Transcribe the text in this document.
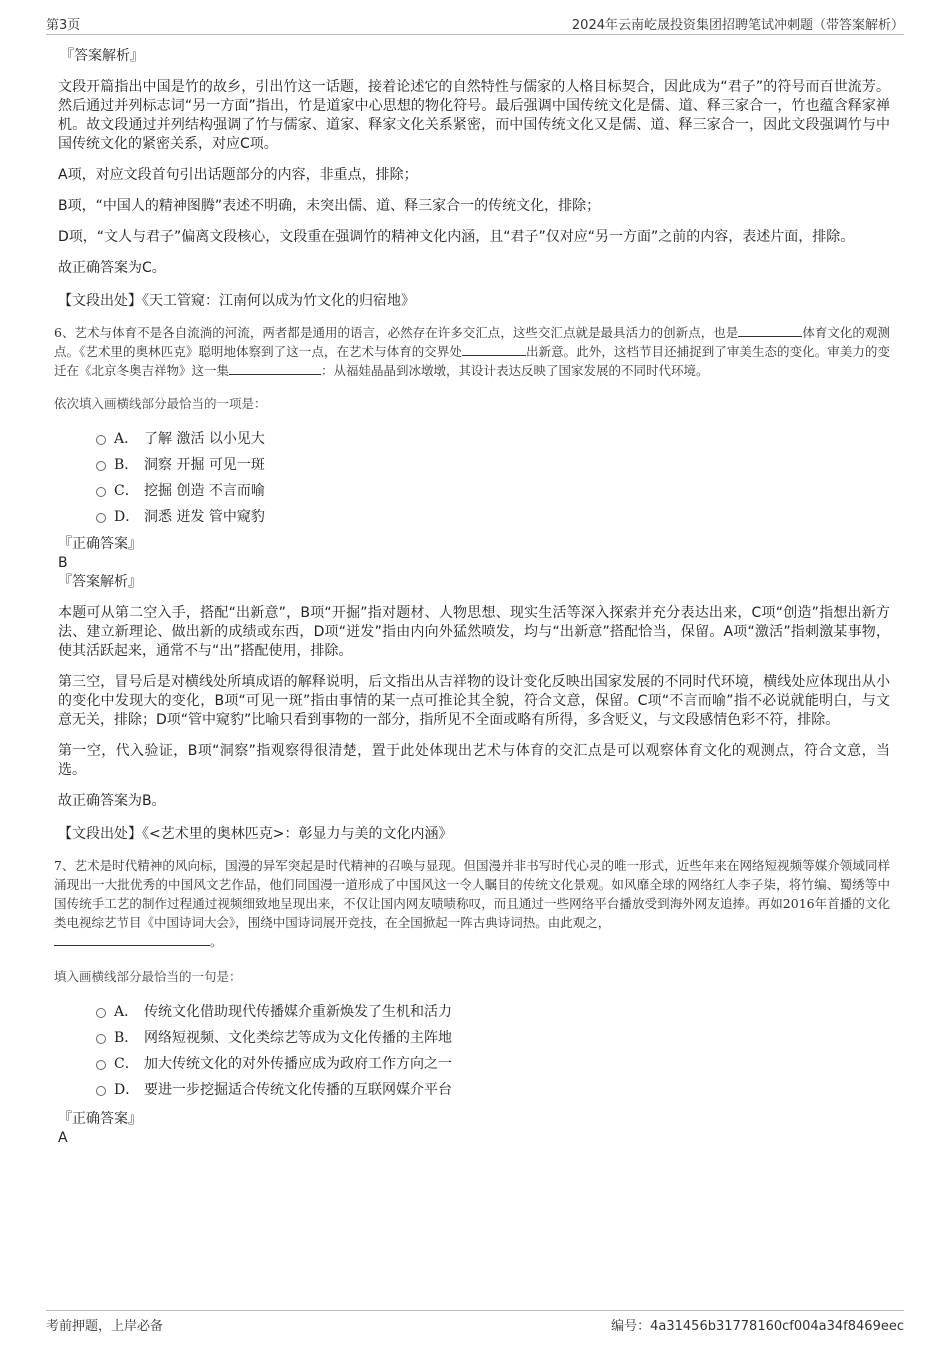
第3页	2024年云南屹晟投资集团招聘笔试冲刺题（带答案解析）
『答案解析』

文段开篇指出中国是竹的故乡，引出竹这一话题，接着论述它的自然特性与儒家的人格目标契合，因此成为“君子”的符号而百世流芳。然后通过并列标志词“另一方面”指出，竹是道家中心思想的物化符号。最后强调中国传统文化是儒、道、释三家合一，竹也蕴含释家禅机。故文段通过并列结构强调了竹与儒家、道家、释家文化关系紧密，而中国传统文化又是儒、道、释三家合一，因此文段强调竹与中国传统文化的紧密关系，对应C项。

A项，对应文段首句引出话题部分的内容，非重点，排除；

B项，“中国人的精神图腾”表述不明确，未突出儒、道、释三家合一的传统文化，排除；

D项，“文人与君子”偏离文段核心，文段重在强调竹的精神文化内涵，且“君子”仅对应“另一方面”之前的内容，表述片面，排除。

故正确答案为C。

【文段出处】《天工管窥：江南何以成为竹文化的归宿地》

6、艺术与体育不是各自流淌的河流，两者都是通用的语言，必然存在许多交汇点，这些交汇点就是最具活力的创新点，也是	体育文化的观测点。《艺术里的奥林匹克》聪明地体察到了这一点，在艺术与体育的交界处	出新意。此外，这档节目还捕捉到了审美生态的变化。审美力的变迁在《北京冬奥吉祥物》这一集	：从福娃晶晶到冰墩墩，其设计表达反映了国家发展的不同时代环境。

依次填入画横线部分最恰当的一项是：

A． 了解 激活 以小见大
B． 洞察 开掘 可见一斑
C． 挖掘 创造 不言而喻
D． 洞悉 迸发 管中窥豹
『正确答案』
B
『答案解析』

本题可从第二空入手，搭配“出新意”，B项“开掘”指对题材、人物思想、现实生活等深入探索并充分表达出来，C项“创造”指想出新方法、建立新理论、做出新的成绩或东西，D项“迸发”指由内向外猛然喷发，均与“出新意”搭配恰当，保留。A项“激活”指刺激某事物，使其活跃起来，通常不与“出”搭配使用，排除。

第三空，冒号后是对横线处所填成语的解释说明，后文指出从吉祥物的设计变化反映出国家发展的不同时代环境，横线处应体现出从小的变化中发现大的变化，B项“可见一斑”指由事情的某一点可推论其全貌，符合文意，保留。C项“不言而喻”指不必说就能明白，与文意无关，排除；D项“管中窥豹”比喻只看到事物的一部分，指所见不全面或略有所得，多含贬义，与文段感情色彩不符，排除。

第一空，代入验证，B项“洞察”指观察得很清楚，置于此处体现出艺术与体育的交汇点是可以观察体育文化的观测点，符合文意，当选。

故正确答案为B。

【文段出处】《<艺术里的奥林匹克>：彰显力与美的文化内涵》

7、艺术是时代精神的风向标，国漫的异军突起是时代精神的召唤与显现。但国漫并非书写时代心灵的唯一形式，近些年来在网络短视频等媒介领域同样涌现出一大批优秀的中国风文艺作品，他们同国漫一道形成了中国风这一令人瞩目的传统文化景观。如风靡全球的网络红人李子柒，将竹编、蜀绣等中国传统手工艺的制作过程通过视频细致地呈现出来，不仅让国内网友啧啧称叹，而且通过一些网络平台播放受到海外网友追捧。再如2016年首播的文化类电视综艺节目《中国诗词大会》，围绕中国诗词展开竞技，在全国掀起一阵古典诗词热。由此观之，
。

填入画横线部分最恰当的一句是：

A． 传统文化借助现代传播媒介重新焕发了生机和活力
B． 网络短视频、文化类综艺等成为文化传播的主阵地
C． 加大传统文化的对外传播应成为政府工作方向之一
D． 要进一步挖掘适合传统文化传播的互联网媒介平台
『正确答案』
A
考前押题，上岸必备	编号：4a31456b31778160cf004a34f8469eec
